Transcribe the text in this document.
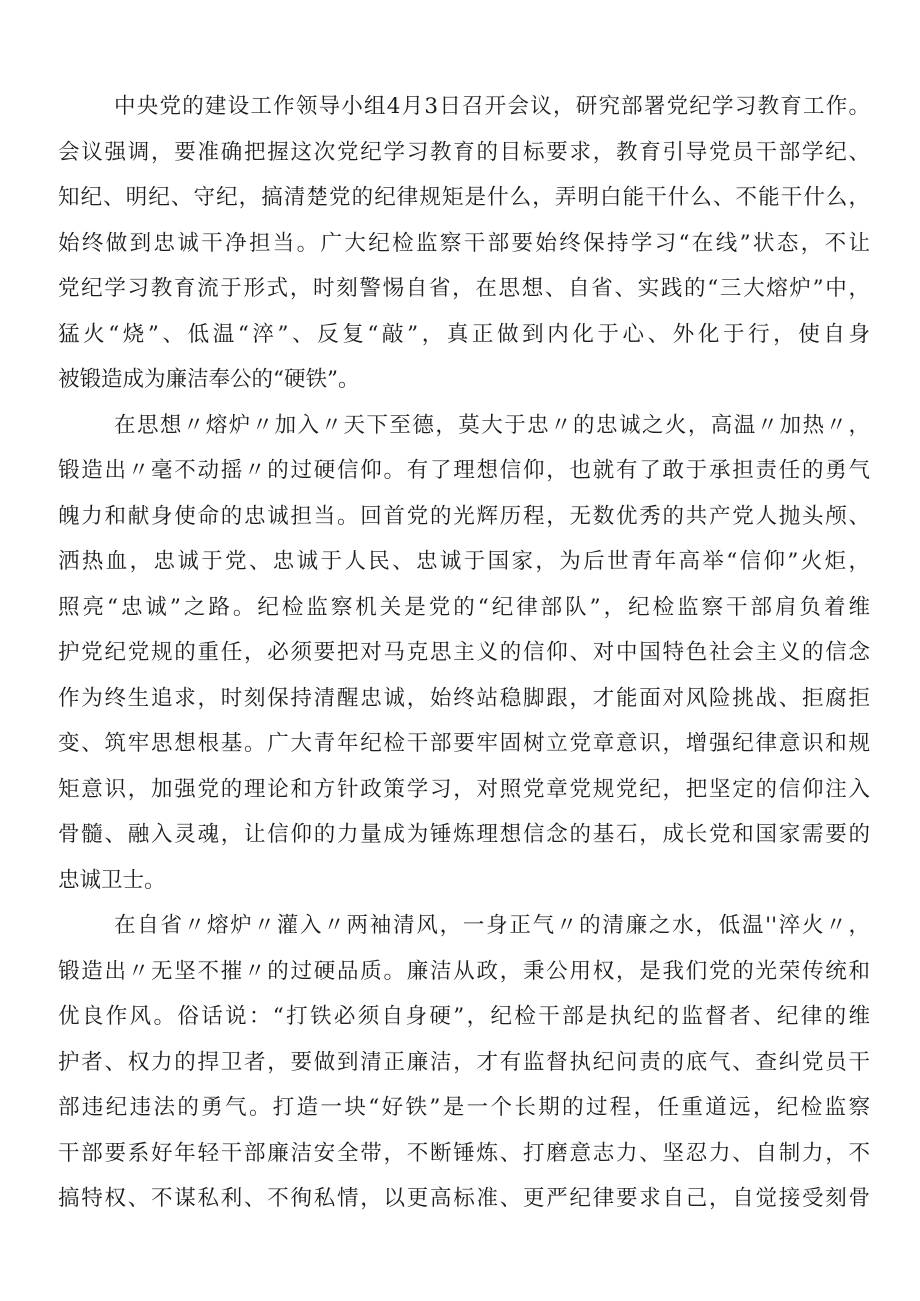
中央党的建设工作领导小组4月3日召开会议，研究部署党纪学习教育工作。
会议强调，要准确把握这次党纪学习教育的目标要求，教育引导党员干部学纪、
知纪、明纪、守纪，搞清楚党的纪律规矩是什么，弄明白能干什么、不能干什么，
始终做到忠诚干净担当。广大纪检监察干部要始终保持学习“在线”状态，不让
党纪学习教育流于形式，时刻警惕自省，在思想、自省、实践的“三大熔炉”中，
猛火“烧”、低温“淬”、反复“敲”，真正做到内化于心、外化于行，使自身
被锻造成为廉洁奉公的“硬铁”。
在思想〃熔炉〃加入〃天下至德，莫大于忠〃的忠诚之火，高温〃加热〃，
锻造出〃毫不动摇〃的过硬信仰。有了理想信仰，也就有了敢于承担责任的勇气
魄力和献身使命的忠诚担当。回首党的光辉历程，无数优秀的共产党人抛头颅、
洒热血，忠诚于党、忠诚于人民、忠诚于国家，为后世青年高举“信仰”火炬，
照亮“忠诚”之路。纪检监察机关是党的“纪律部队”，纪检监察干部肩负着维
护党纪党规的重任，必须要把对马克思主义的信仰、对中国特色社会主义的信念
作为终生追求，时刻保持清醒忠诚，始终站稳脚跟，才能面对风险挑战、拒腐拒
变、筑牢思想根基。广大青年纪检干部要牢固树立党章意识，增强纪律意识和规
矩意识，加强党的理论和方针政策学习，对照党章党规党纪，把坚定的信仰注入
骨髓、融入灵魂，让信仰的力量成为锤炼理想信念的基石，成长党和国家需要的
忠诚卫士。
在自省〃熔炉〃灌入〃两袖清风，一身正气〃的清廉之水，低温''淬火〃，
锻造出〃无坚不摧〃的过硬品质。廉洁从政，秉公用权，是我们党的光荣传统和
优良作风。俗话说：“打铁必须自身硬”，纪检干部是执纪的监督者、纪律的维
护者、权力的捍卫者，要做到清正廉洁，才有监督执纪问责的底气、查纠党员干
部违纪违法的勇气。打造一块“好铁”是一个长期的过程，任重道远，纪检监察
干部要系好年轻干部廉洁安全带，不断锤炼、打磨意志力、坚忍力、自制力，不
搞特权、不谋私利、不徇私情，以更高标准、更严纪律要求自己，自觉接受刻骨
